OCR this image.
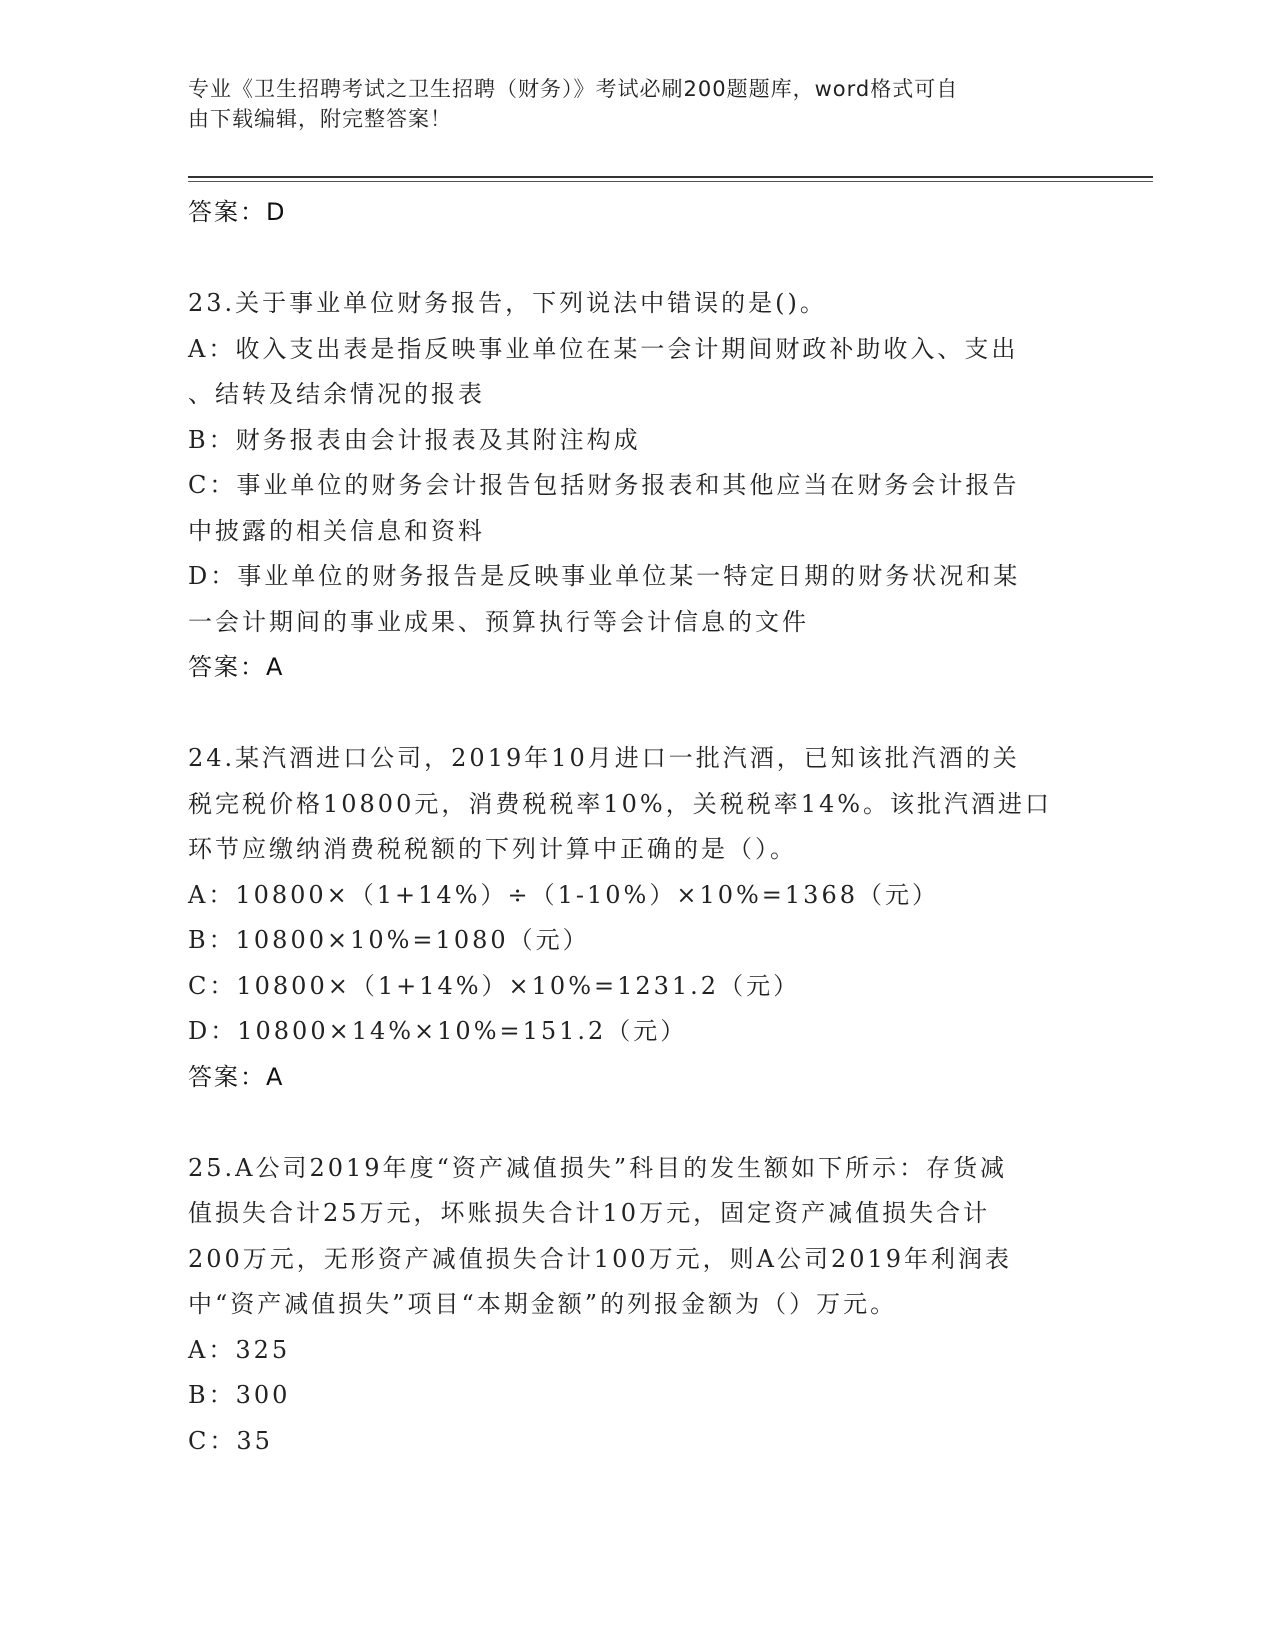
专业《卫生招聘考试之卫生招聘（财务）》考试必刷200题题库，word格式可自
由下载编辑，附完整答案！
答案：D
23.关于事业单位财务报告，下列说法中错误的是()。
A：收入支出表是指反映事业单位在某一会计期间财政补助收入、支出
、结转及结余情况的报表
B：财务报表由会计报表及其附注构成
C：事业单位的财务会计报告包括财务报表和其他应当在财务会计报告
中披露的相关信息和资料
D：事业单位的财务报告是反映事业单位某一特定日期的财务状况和某
一会计期间的事业成果、预算执行等会计信息的文件
答案：A
24.某汽酒进口公司，2019年10月进口一批汽酒，已知该批汽酒的关
税完税价格10800元，消费税税率10%，关税税率14%。该批汽酒进口
环节应缴纳消费税税额的下列计算中正确的是（）。
A：10800×（1+14%）÷（1-10%）×10%=1368（元）
B：10800×10%=1080（元）
C：10800×（1+14%）×10%=1231.2（元）
D：10800×14%×10%=151.2（元）
答案：A
25.A公司2019年度“资产减值损失”科目的发生额如下所示：存货减
值损失合计25万元，坏账损失合计10万元，固定资产减值损失合计
200万元，无形资产减值损失合计100万元，则A公司2019年利润表
中“资产减值损失”项目“本期金额”的列报金额为（）万元。
A：325
B：300
C：35
